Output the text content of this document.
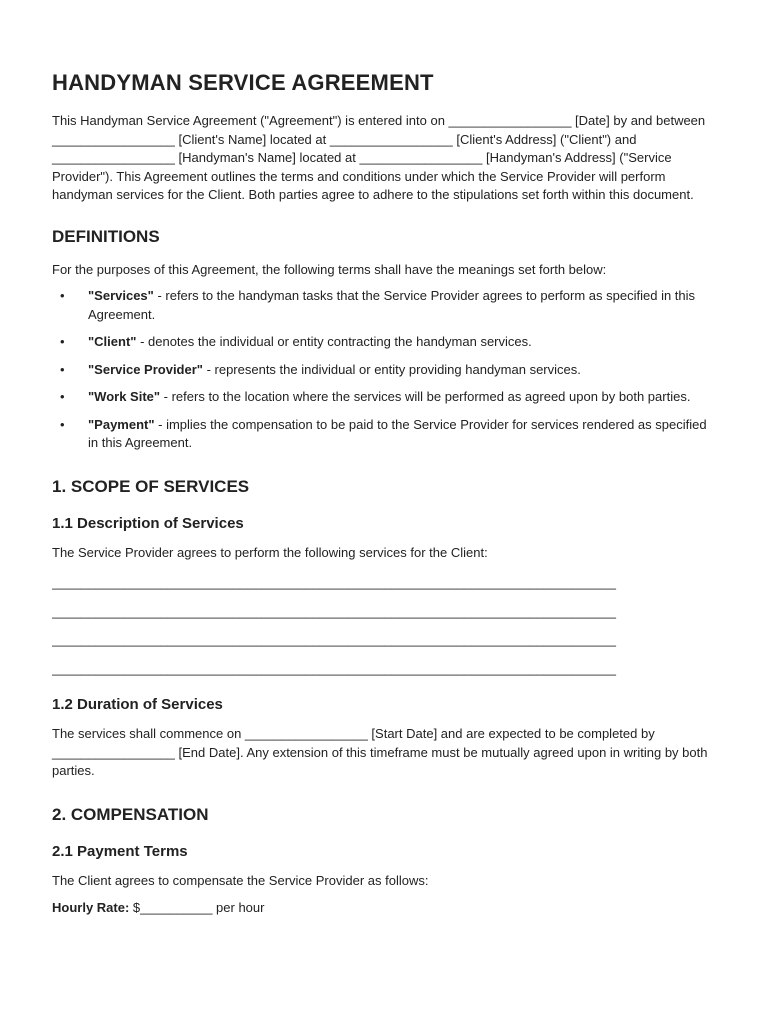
HANDYMAN SERVICE AGREEMENT

This Handyman Service Agreement ("Agreement") is entered into on _________________ [Date] by and between _________________ [Client's Name] located at _________________ [Client's Address] ("Client") and _________________ [Handyman's Name] located at _________________ [Handyman's Address] ("Service Provider"). This Agreement outlines the terms and conditions under which the Service Provider will perform handyman services for the Client. Both parties agree to adhere to the stipulations set forth within this document.

DEFINITIONS

For the purposes of this Agreement, the following terms shall have the meanings set forth below:

• "Services" - refers to the handyman tasks that the Service Provider agrees to perform as specified in this Agreement.
• "Client" - denotes the individual or entity contracting the handyman services.
• "Service Provider" - represents the individual or entity providing handyman services.
• "Work Site" - refers to the location where the services will be performed as agreed upon by both parties.
• "Payment" - implies the compensation to be paid to the Service Provider for services rendered as specified in this Agreement.
1. SCOPE OF SERVICES
1.1 Description of Services

The Service Provider agrees to perform the following services for the Client:

______________________________________________________________________________
______________________________________________________________________________
______________________________________________________________________________
______________________________________________________________________________
1.2 Duration of Services

The services shall commence on _________________ [Start Date] and are expected to be completed by _________________ [End Date]. Any extension of this timeframe must be mutually agreed upon in writing by both parties.

2. COMPENSATION
2.1 Payment Terms

The Client agrees to compensate the Service Provider as follows:

Hourly Rate: $__________ per hour
